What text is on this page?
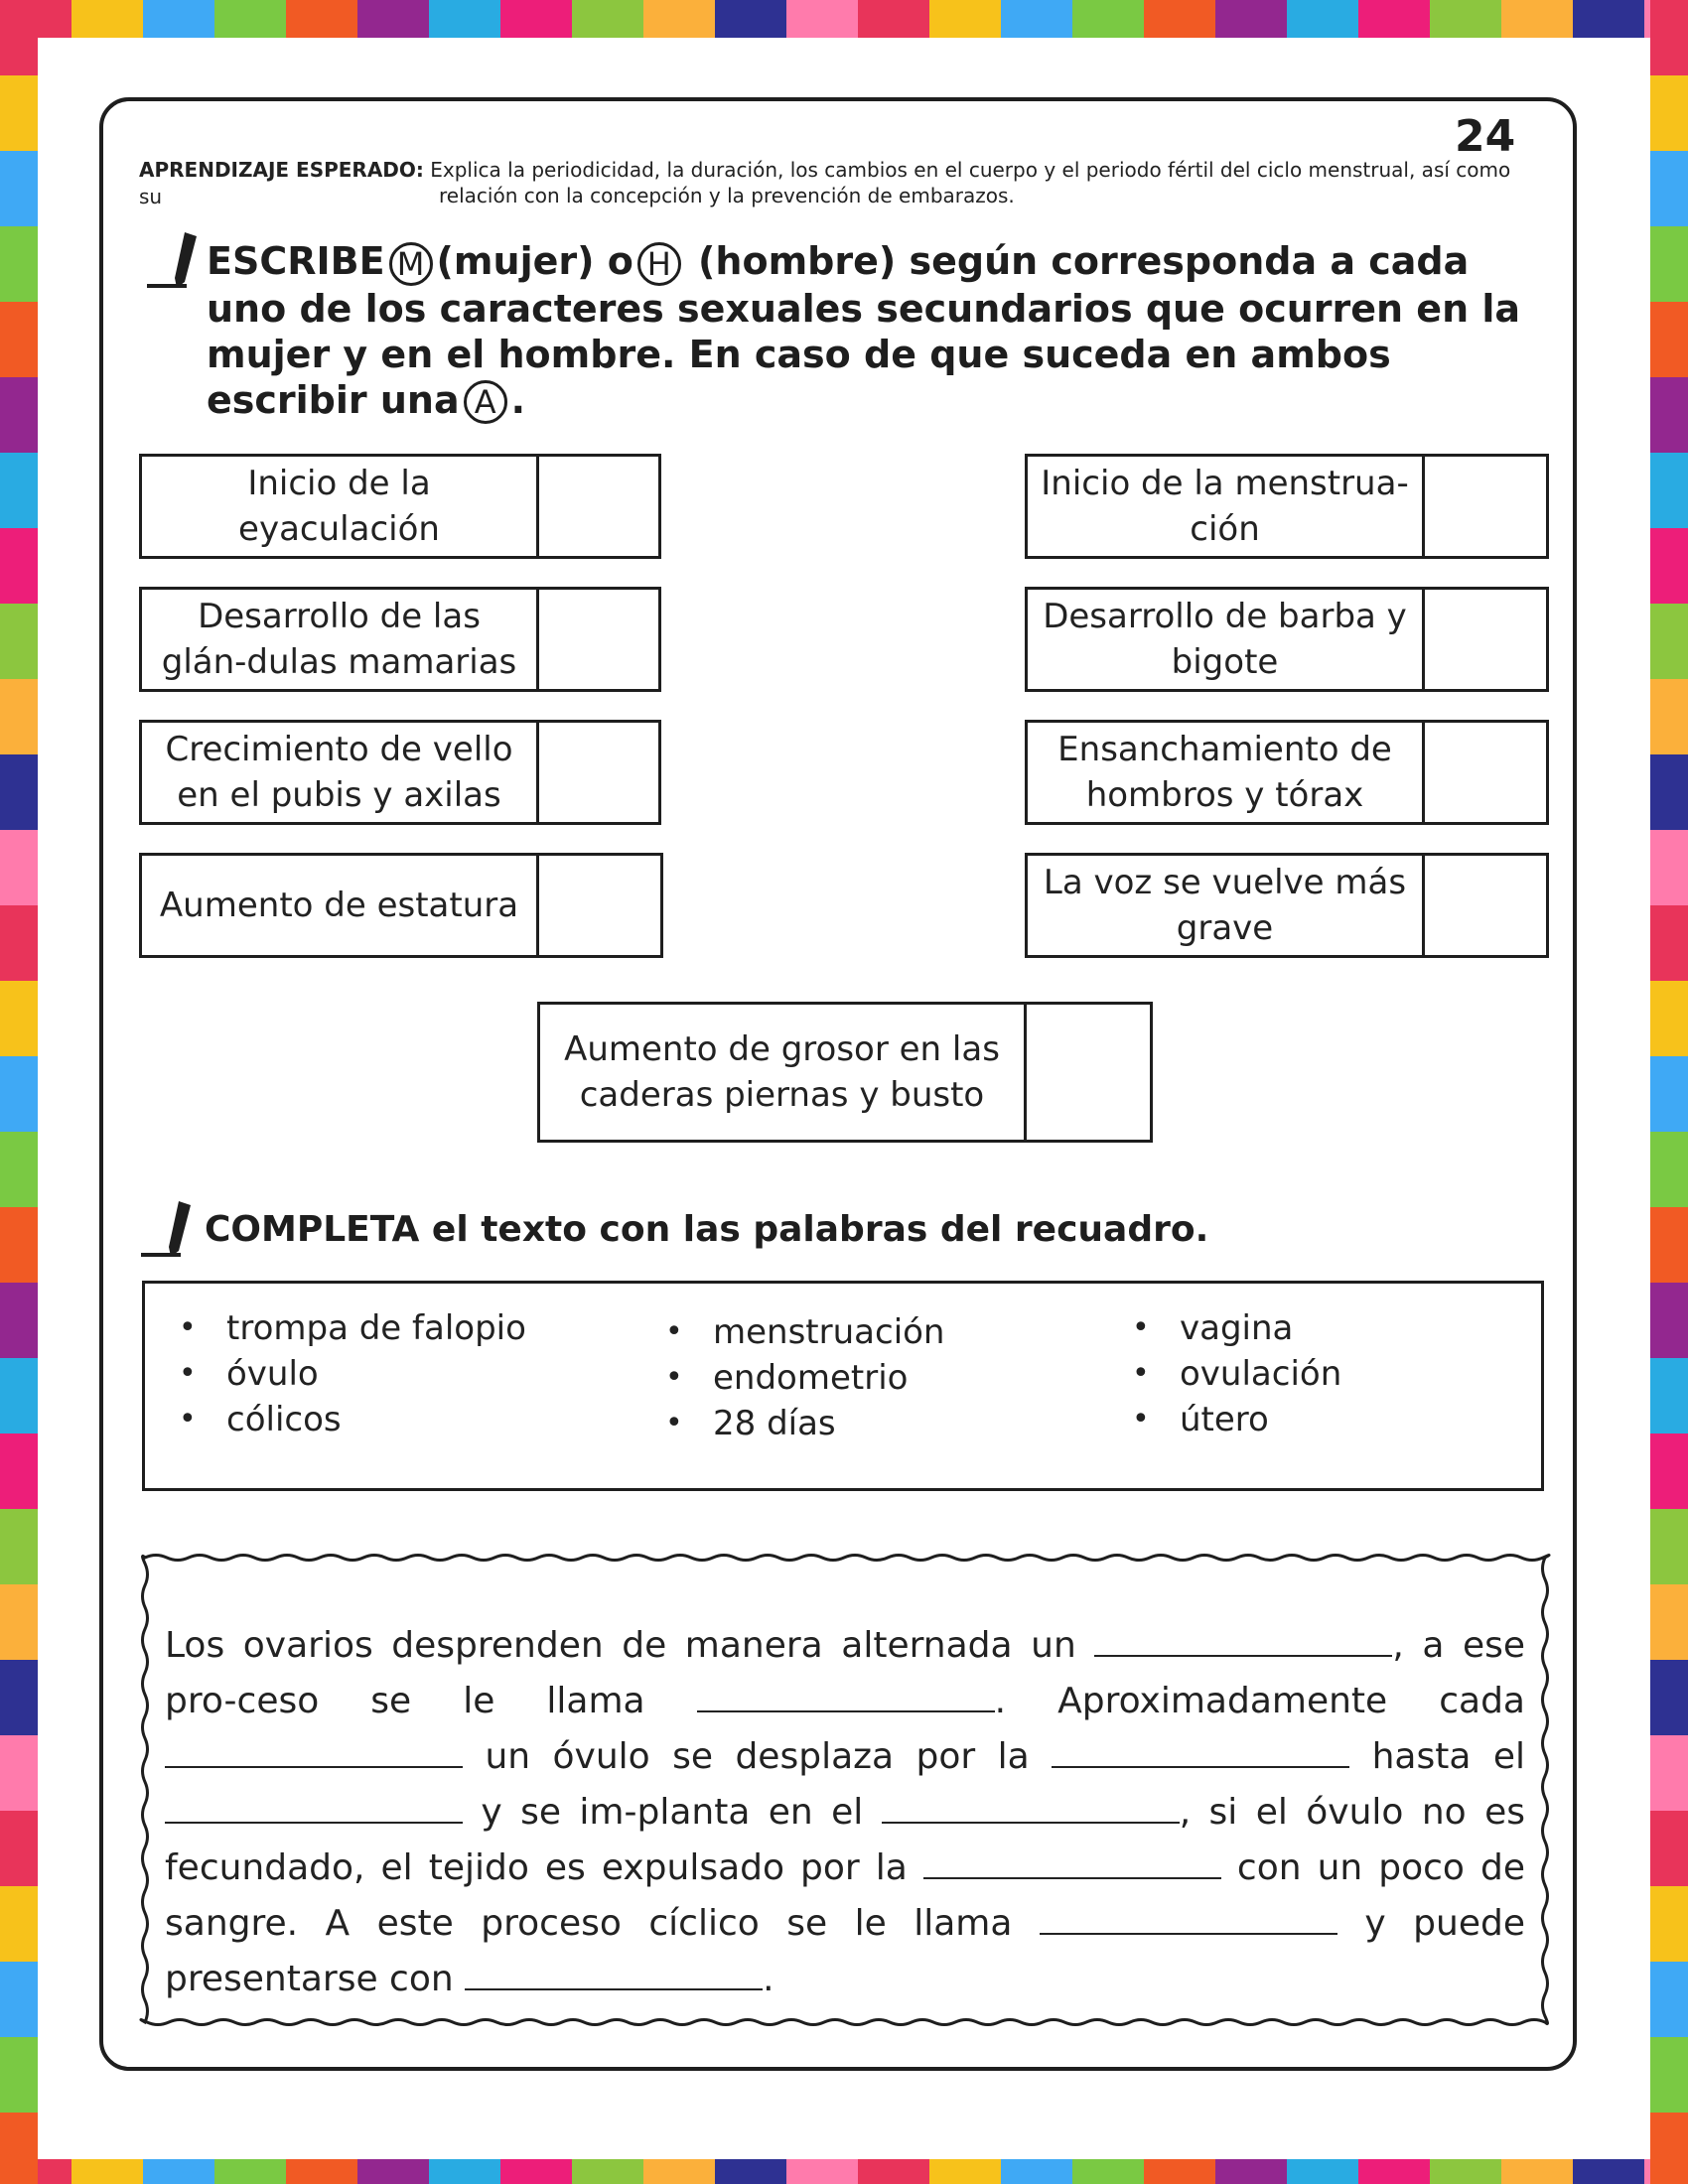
24
APRENDIZAJE ESPERADO: Explica la periodicidad, la duración, los cambios en el cuerpo y el periodo fértil del ciclo menstrual, así como su	relación con la concepción y la prevención de embarazos.
ESCRIBE M (mujer) o H (hombre) según corresponda a cada uno de los caracteres sexuales secundarios que ocurren en la mujer y en el hombre. En caso de que suceda en ambos escribir una A .
Inicio de la eyaculación
Inicio de la menstrua-ción
Desarrollo de las glán-dulas mamarias
Desarrollo de barba y bigote
Crecimiento de vello en el pubis y axilas
Ensanchamiento de hombros y tórax
Aumento de estatura
La voz se vuelve más grave
Aumento de grosor en las caderas piernas y busto
COMPLETA el texto con las palabras del recuadro.
• trompa de falopio
• óvulo
• cólicos
• menstruación
• endometrio
• 28 días
• vagina
• ovulación
• útero
Los ovarios desprenden de manera alternada un	, a ese pro-ceso se le llama	. Aproximadamente cada  un óvulo se desplaza por la	hasta el  y se im-planta en el	, si el óvulo no es fecundado, el tejido es expulsado por la	con un poco de sangre. A este proceso cíclico se le llama	y puede presentarse con	.
